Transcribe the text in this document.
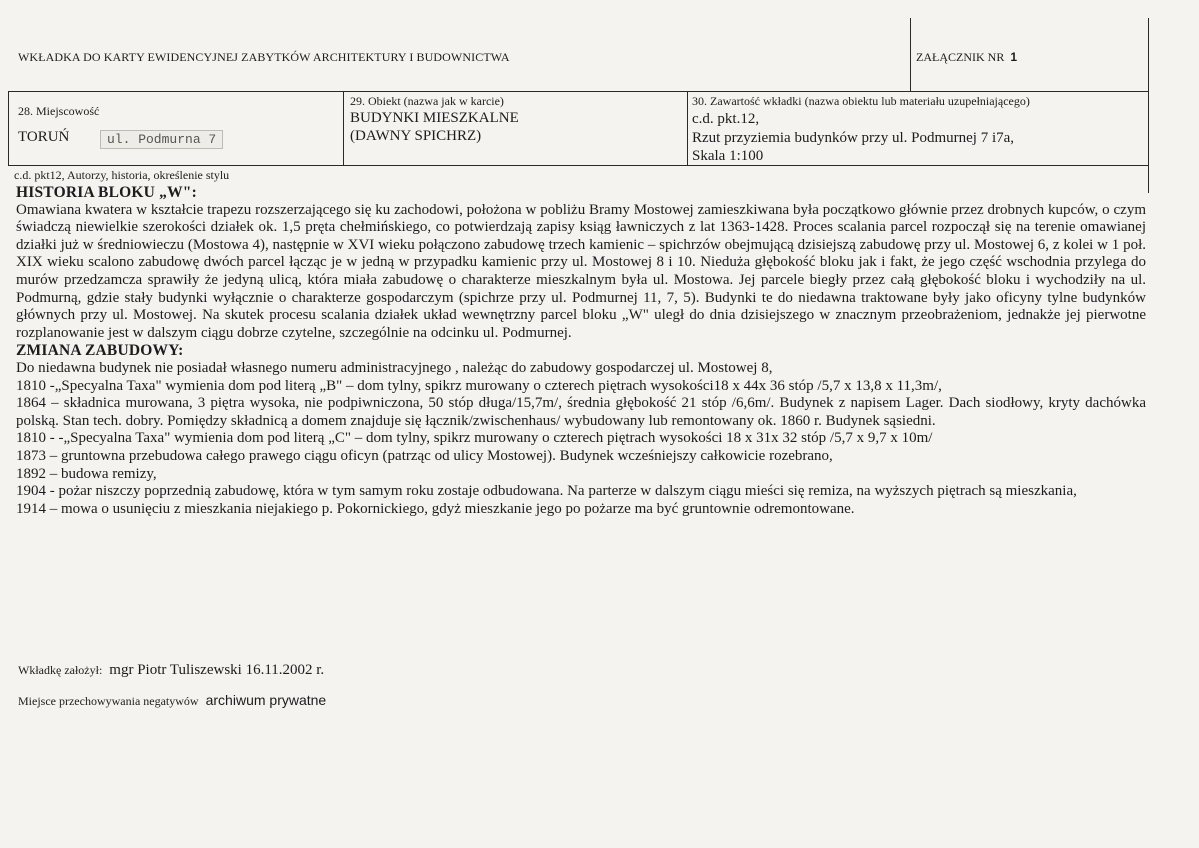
WKŁADKA DO KARTY EWIDENCYJNEJ ZABYTKÓW ARCHITEKTURY I BUDOWNICTWA	ZAŁĄCZNIK NR 1
28. Miejscowość
TORUŃ	ul. Podmurna 7
29. Obiekt (nazwa jak w karcie)
BUDYNKI MIESZKALNE
(DAWNY SPICHRZ)
30. Zawartość wkładki (nazwa obiektu lub materiału uzupełniającego)
c.d. pkt.12,
Rzut przyziemia budynków przy ul. Podmurnej 7 i7a,
Skala 1:100
c.d. pkt12, Autorzy, historia, określenie stylu
HISTORIA BLOKU „W":

Omawiana kwatera w kształcie trapezu rozszerzającego się ku zachodowi, położona w pobliżu Bramy Mostowej zamieszkiwana była początkowo głównie przez drobnych kupców, o czym świadczą niewielkie szerokości działek ok. 1,5 pręta chełmińskiego, co potwierdzają zapisy ksiąg ławniczych z lat 1363-1428. Proces scalania parcel rozpoczął się na terenie omawianej działki już w średniowieczu (Mostowa 4), następnie w XVI wieku połączono zabudowę trzech kamienic – spichrzów obejmującą dzisiejszą zabudowę przy ul. Mostowej 6, z kolei w 1 poł. XIX wieku scalono zabudowę dwóch parcel łącząc je w jedną w przypadku kamienic przy ul. Mostowej 8 i 10. Nieduża głębokość bloku jak i fakt, że jego część wschodnia przylega do murów przedzamcza sprawiły że jedyną ulicą, która miała zabudowę o charakterze mieszkalnym była ul. Mostowa. Jej parcele biegły przez całą głębokość bloku i wychodziły na ul. Podmurną, gdzie stały budynki wyłącznie o charakterze gospodarczym (spichrze przy ul. Podmurnej 11, 7, 5). Budynki te do niedawna traktowane były jako oficyny tylne budynków głównych przy ul. Mostowej. Na skutek procesu scalania działek układ wewnętrzny parcel bloku „W" uległ do dnia dzisiejszego w znacznym przeobrażeniom, jednakże jej pierwotne rozplanowanie jest w dalszym ciągu dobrze czytelne, szczególnie na odcinku ul. Podmurnej.

ZMIANA ZABUDOWY:

Do niedawna budynek nie posiadał własnego numeru administracyjnego , należąc do zabudowy gospodarczej ul. Mostowej 8,

1810 -„Specyalna Taxa" wymienia dom pod literą „B" – dom tylny, spikrz murowany o czterech piętrach wysokości18 x 44x 36 stóp /5,7 x 13,8 x 11,3m/,

1864 – składnica murowana, 3 piętra wysoka, nie podpiwniczona, 50 stóp długa/15,7m/, średnia głębokość 21 stóp /6,6m/. Budynek z napisem Lager. Dach siodłowy, kryty dachówka polską. Stan tech. dobry. Pomiędzy składnicą a domem znajduje się łącznik/zwischenhaus/ wybudowany lub remontowany ok. 1860 r. Budynek sąsiedni.

1810 - -„Specyalna Taxa" wymienia dom pod literą „C" – dom tylny, spikrz murowany o czterech piętrach wysokości 18 x 31x 32 stóp /5,7 x 9,7 x 10m/

1873 – gruntowna przebudowa całego prawego ciągu oficyn (patrząc od ulicy Mostowej). Budynek wcześniejszy całkowicie rozebrano,

1892 – budowa remizy,

1904 - pożar niszczy poprzednią zabudowę, która w tym samym roku zostaje odbudowana. Na parterze w dalszym ciągu mieści się remiza, na wyższych piętrach są mieszkania,

1914 – mowa o usunięciu z mieszkania niejakiego p. Pokornickiego, gdyż mieszkanie jego po pożarze ma być gruntownie odremontowane.

Wkładkę założył: mgr Piotr Tuliszewski 16.11.2002 r.
Miejsce przechowywania negatywów archiwum prywatne
